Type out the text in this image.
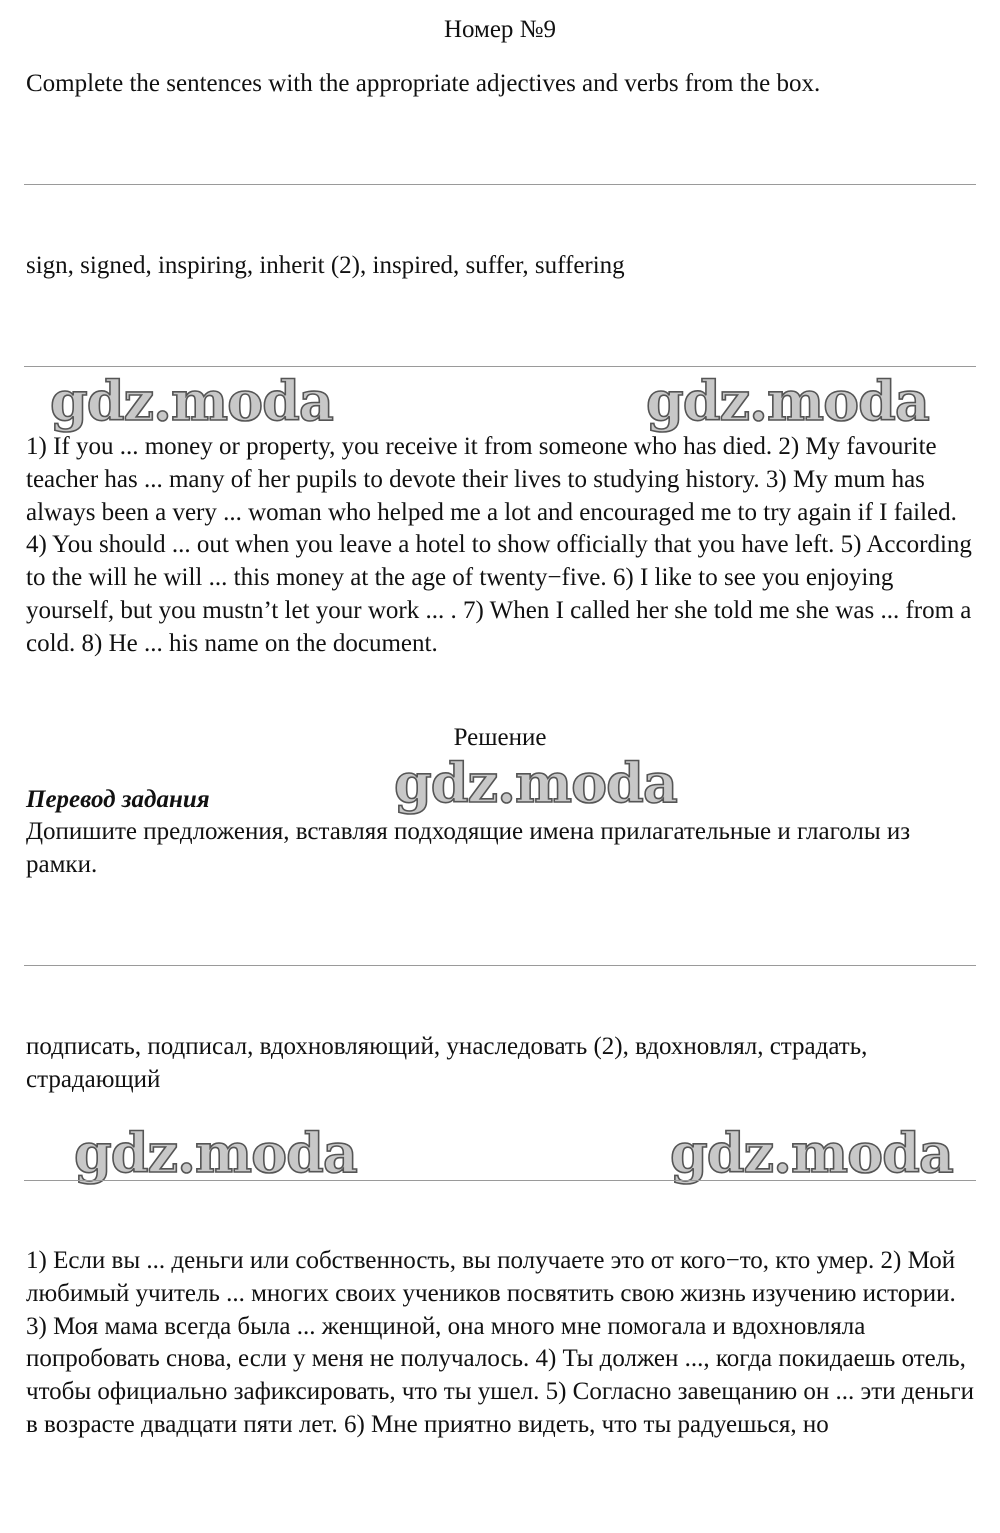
Номер №9

Complete the sentences with the appropriate adjectives and verbs from the box.

sign, signed, inspiring, inherit (2), inspired, suffer, suffering

gdz.moda	gdz.moda

1) If you ... money or property, you receive it from someone who has died. 2) My favourite teacher has ... many of her pupils to devote their lives to studying history. 3) My mum has always been a very ... woman who helped me a lot and encouraged me to try again if I failed. 4) You should ... out when you leave a hotel to show officially that you have left. 5) According to the will he will ... this money at the age of twenty−five. 6) I like to see you enjoying yourself, but you mustn’t let your work ... . 7) When I called her she told me she was ... from a cold. 8) He ... his name on the document.

Решение
gdz.moda
Перевод задания

Допишите предложения, вставляя подходящие имена прилагательные и глаголы из рамки.

подписать, подписал, вдохновляющий, унаследовать (2), вдохновлял, страдать, страдающий

gdz.moda	gdz.moda

1) Если вы ... деньги или собственность, вы получаете это от кого−то, кто умер. 2) Мой любимый учитель ... многих своих учеников посвятить свою жизнь изучению истории. 3) Моя мама всегда была ... женщиной, она много мне помогала и вдохновляла попробовать снова, если у меня не получалось. 4) Ты должен ..., когда покидаешь отель, чтобы официально зафиксировать, что ты ушел. 5) Согласно завещанию он ... эти деньги в возрасте двадцати пяти лет. 6) Мне приятно видеть, что ты радуешься, но
